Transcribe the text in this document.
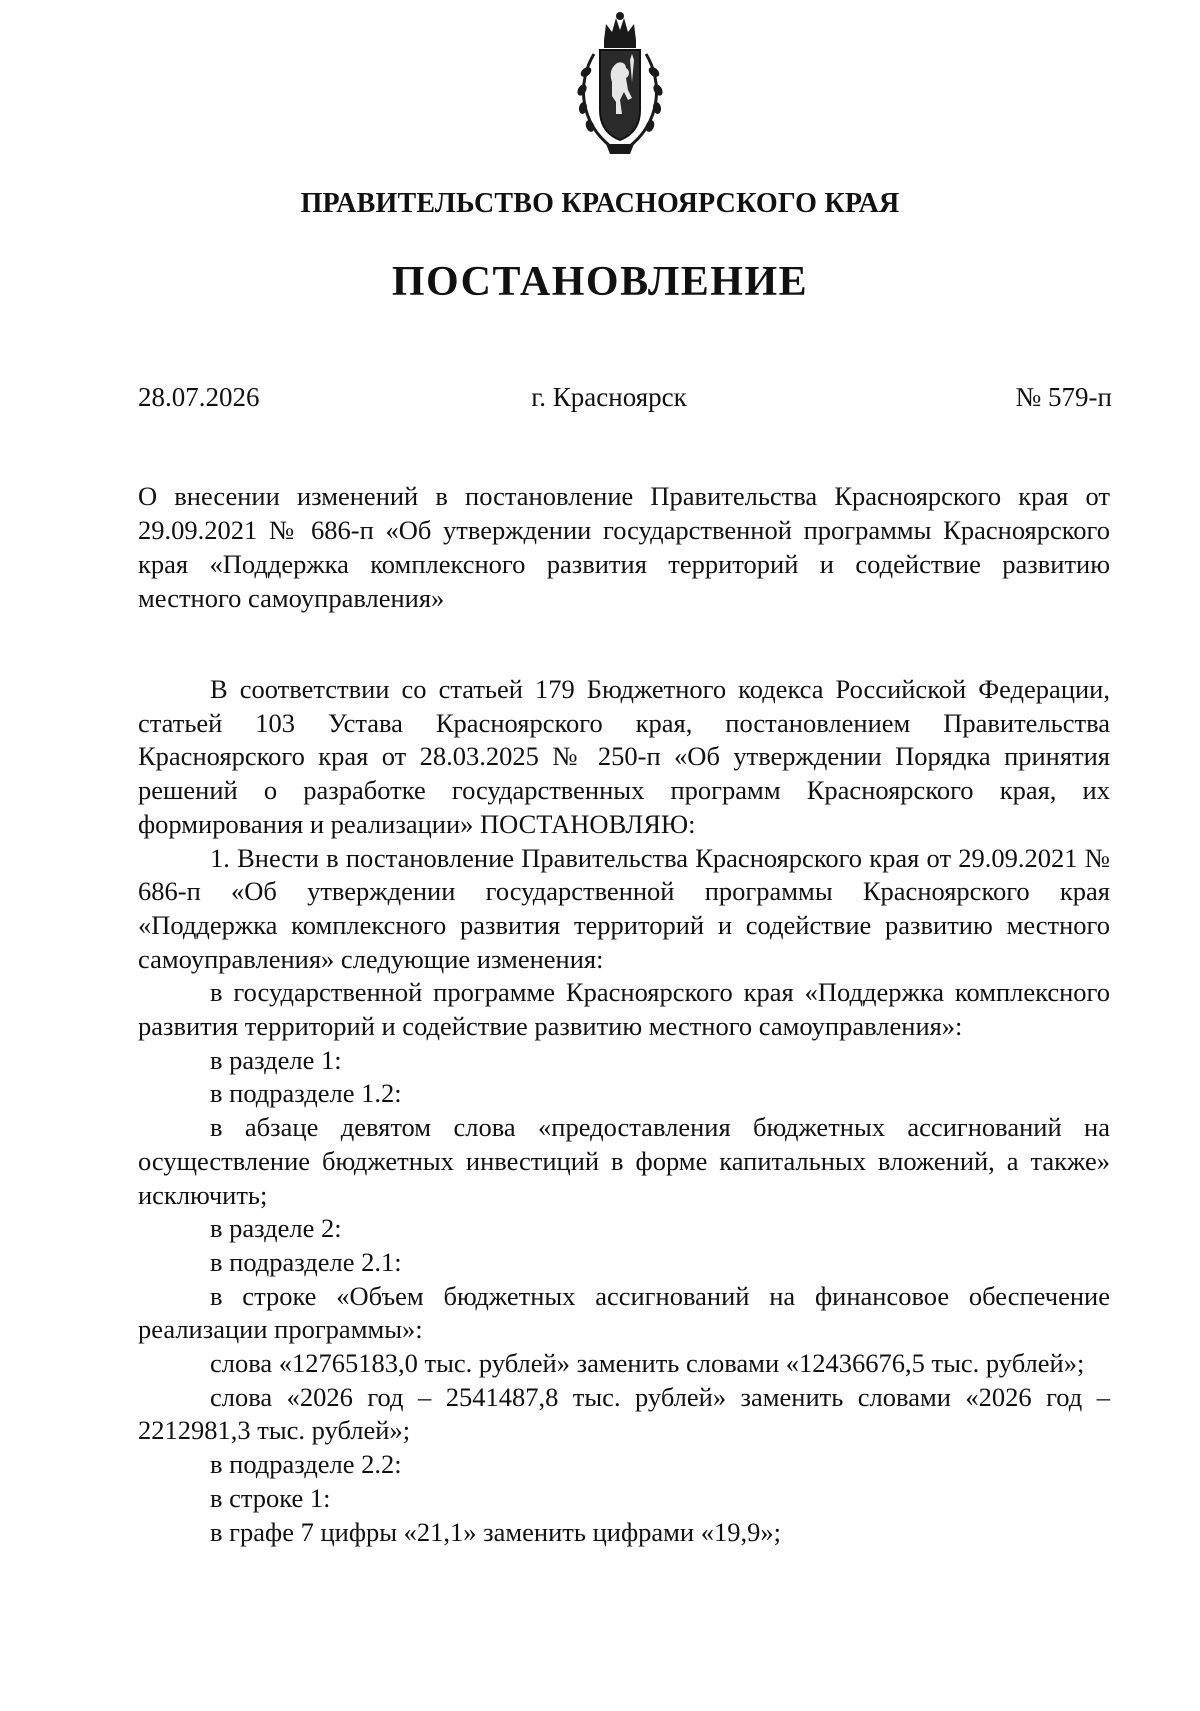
ПРАВИТЕЛЬСТВО КРАСНОЯРСКОГО КРАЯ
ПОСТАНОВЛЕНИЕ
28.07.2026	г. Красноярск	№ 579-п
О внесении изменений в постановление Правительства Красноярского края от 29.09.2021 № 686-п «Об утверждении государственной программы Красноярского края «Поддержка комплексного развития территорий и содействие развитию местного самоуправления»

В соответствии со статьей 179 Бюджетного кодекса Российской Федерации, статьей 103 Устава Красноярского края, постановлением Правительства Красноярского края от 28.03.2025 № 250-п «Об утверждении Порядка принятия решений о разработке государственных программ Красноярского края, их формирования и реализации» ПОСТАНОВЛЯЮ:

1. Внести в постановление Правительства Красноярского края от 29.09.2021 № 686-п «Об утверждении государственной программы Красноярского края «Поддержка комплексного развития территорий и содействие развитию местного самоуправления» следующие изменения:

в государственной программе Красноярского края «Поддержка комплексного развития территорий и содействие развитию местного самоуправления»:

в разделе 1:

в подразделе 1.2:

в абзаце девятом слова «предоставления бюджетных ассигнований на осуществление бюджетных инвестиций в форме капитальных вложений, а также» исключить;

в разделе 2:

в подразделе 2.1:

в строке «Объем бюджетных ассигнований на финансовое обеспечение реализации программы»:

слова «12765183,0 тыс. рублей» заменить словами «12436676,5 тыс. рублей»;

слова «2026 год – 2541487,8 тыс. рублей» заменить словами «2026 год – 2212981,3 тыс. рублей»;

в подразделе 2.2:

в строке 1:

в графе 7 цифры «21,1» заменить цифрами «19,9»;
